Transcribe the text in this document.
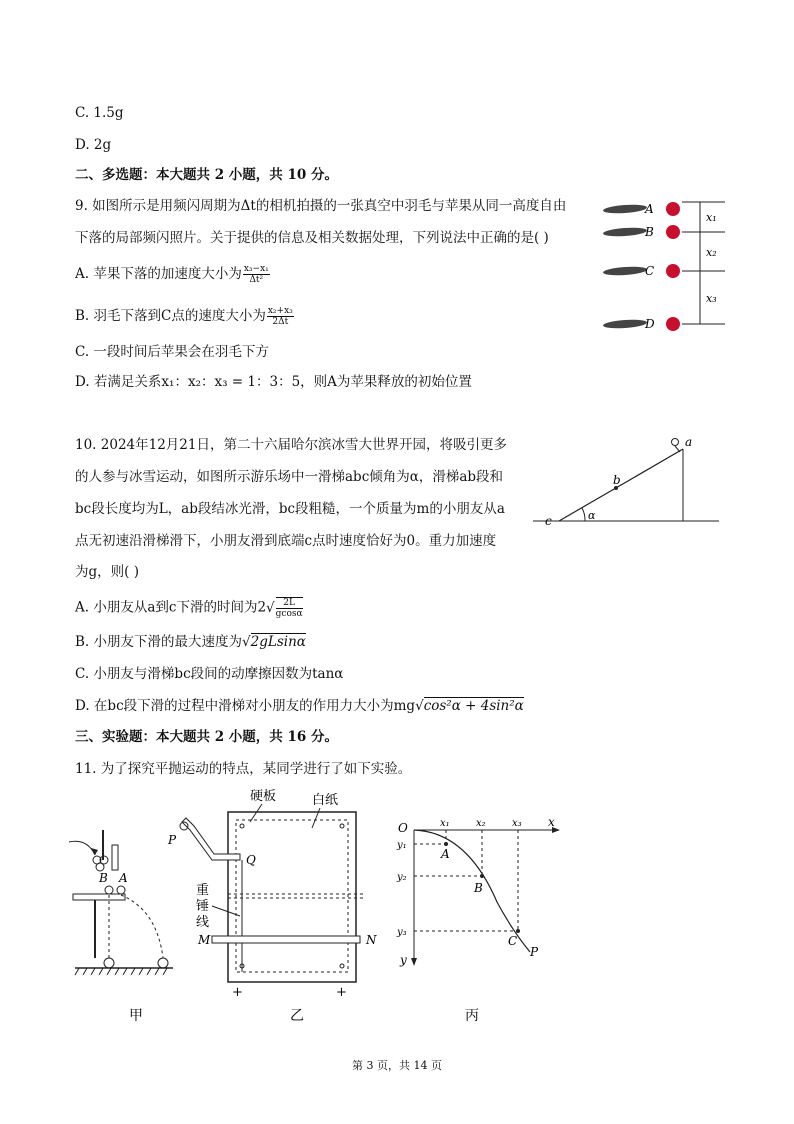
C. 1.5g
D. 2g
二、多选题：本大题共 2 小题，共 10 分。
9. 如图所示是用频闪周期为Δt的相机拍摄的一张真空中羽毛与苹果从同一高度自由
下落的局部频闪照片。关于提供的信息及相关数据处理，下列说法中正确的是( )
A. 苹果下落的加速度大小为 $\frac{\text{x₃−x₁}}{\text{Δt²}}$
B. 羽毛下落到C点的速度大小为 $\frac{\text{x₂+x₃}}{2\Delta t}$
C. 一段时间后苹果会在羽毛下方
D. 若满足关系x₁：x₂：x₃ = 1：3：5，则A为苹果释放的初始位置
A
B
C
D
x₁
x₂
x₃
10. 2024年12月21日，第二十六届哈尔滨冰雪大世界开园，将吸引更多
的人参与冰雪运动，如图所示游乐场中一滑梯abc倾角为α，滑梯ab段和
bc段长度均为L，ab段结冰光滑，bc段粗糙，一个质量为m的小朋友从a
点无初速沿滑梯滑下，小朋友滑到底端c点时速度恰好为0。重力加速度
为g，则( )
A. 小朋友从a到c下滑的时间为$2√ \frac{2L}{gcos\alpha}$
B. 小朋友下滑的最大速度为√2gLsinα
C. 小朋友与滑梯bc段间的动摩擦因数为tanα
D. 在bc段下滑的过程中滑梯对小朋友的作用力大小为mg√cos²α + 4sin²α
c
b
a
α
三、实验题：本大题共 2 小题，共 16 分。
11. 为了探究平抛运动的特点，某同学进行了如下实验。
B A
甲
硬板	白纸
P
Q
M	N
重
锤
线
+	+
乙
O	x
y
x₁	x₂	x₃
y₁
y₂
y₃
A
B
C
P
丙
第 3 页，共 14 页
